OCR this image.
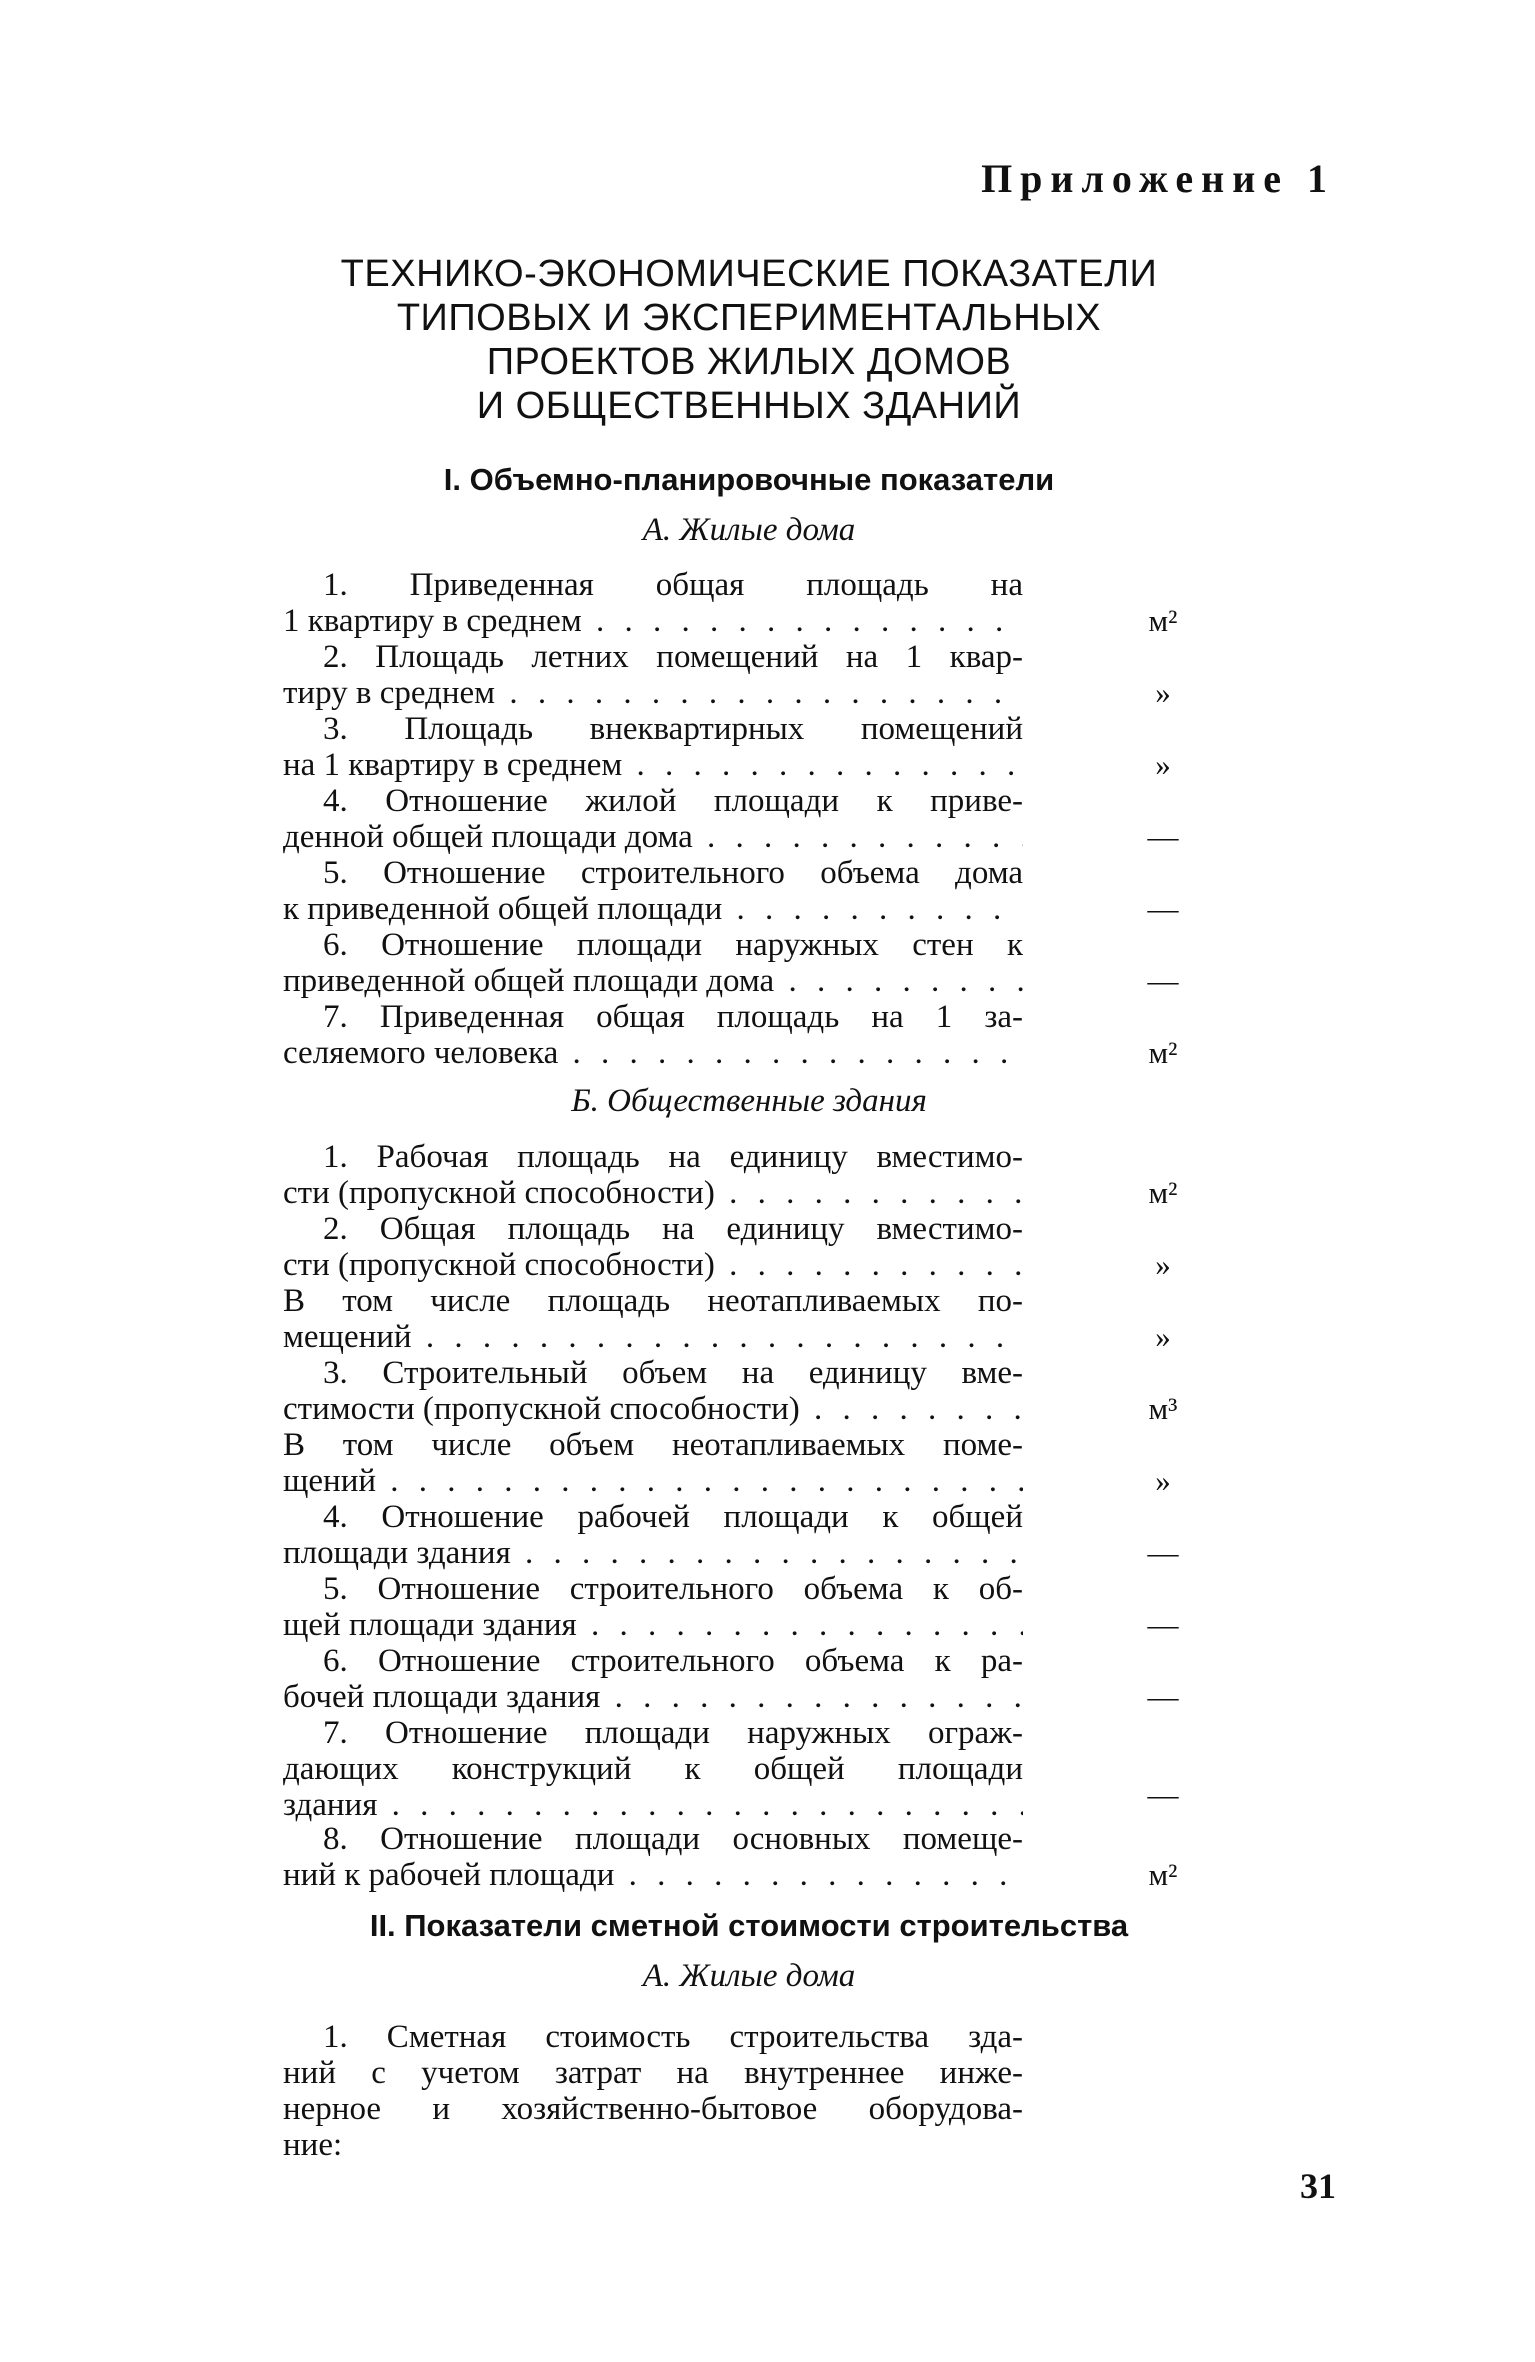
Приложение 1
ТЕХНИКО-ЭКОНОМИЧЕСКИЕ ПОКАЗАТЕЛИ
ТИПОВЫХ И ЭКСПЕРИМЕНТАЛЬНЫХ
ПРОЕКТОВ ЖИЛЫХ ДОМОВ
И ОБЩЕСТВЕННЫХ ЗДАНИЙ
I. Объемно-планировочные показатели
А. Жилые дома
1. Приведенная общая площадь на
1 квартиру в среднем . . .	м²
2. Площадь летних помещений на 1 квар-
тиру в среднем . . .	»
3. Площадь внеквартирных помещений
на 1 квартиру в среднем . . .	»
4. Отношение жилой площади к приве-
денной общей площади дома . . .	—
5. Отношение строительного объема дома
к приведенной общей площади . . .	—
6. Отношение площади наружных стен к
приведенной общей площади дома . . .	—
7. Приведенная общая площадь на 1 за-
селяемого человека . . .	м²
Б. Общественные здания
1. Рабочая площадь на единицу вместимо-
сти (пропускной способности) . . .	м²
2. Общая площадь на единицу вместимо-
сти (пропускной способности) . . .	»
В том числе площадь неотапливаемых по-
мещений . . .	»
3. Строительный объем на единицу вме-
стимости (пропускной способности) . . .	м³
В том числе объем неотапливаемых поме-
щений . . .	»
4. Отношение рабочей площади к общей
площади здания . . .	—
5. Отношение строительного объема к об-
щей площади здания . . .	—
6. Отношение строительного объема к ра-
бочей площади здания . . .	—
7. Отношение площади наружных ограж-
дающих конструкций к общей площади
здания . . .	—
8. Отношение площади основных помеще-
ний к рабочей площади . . .	м²
II. Показатели сметной стоимости строительства
А. Жилые дома
1. Сметная стоимость строительства зда-
ний с учетом затрат на внутреннее инже-
нерное и хозяйственно-бытовое оборудова-
ние:
31
